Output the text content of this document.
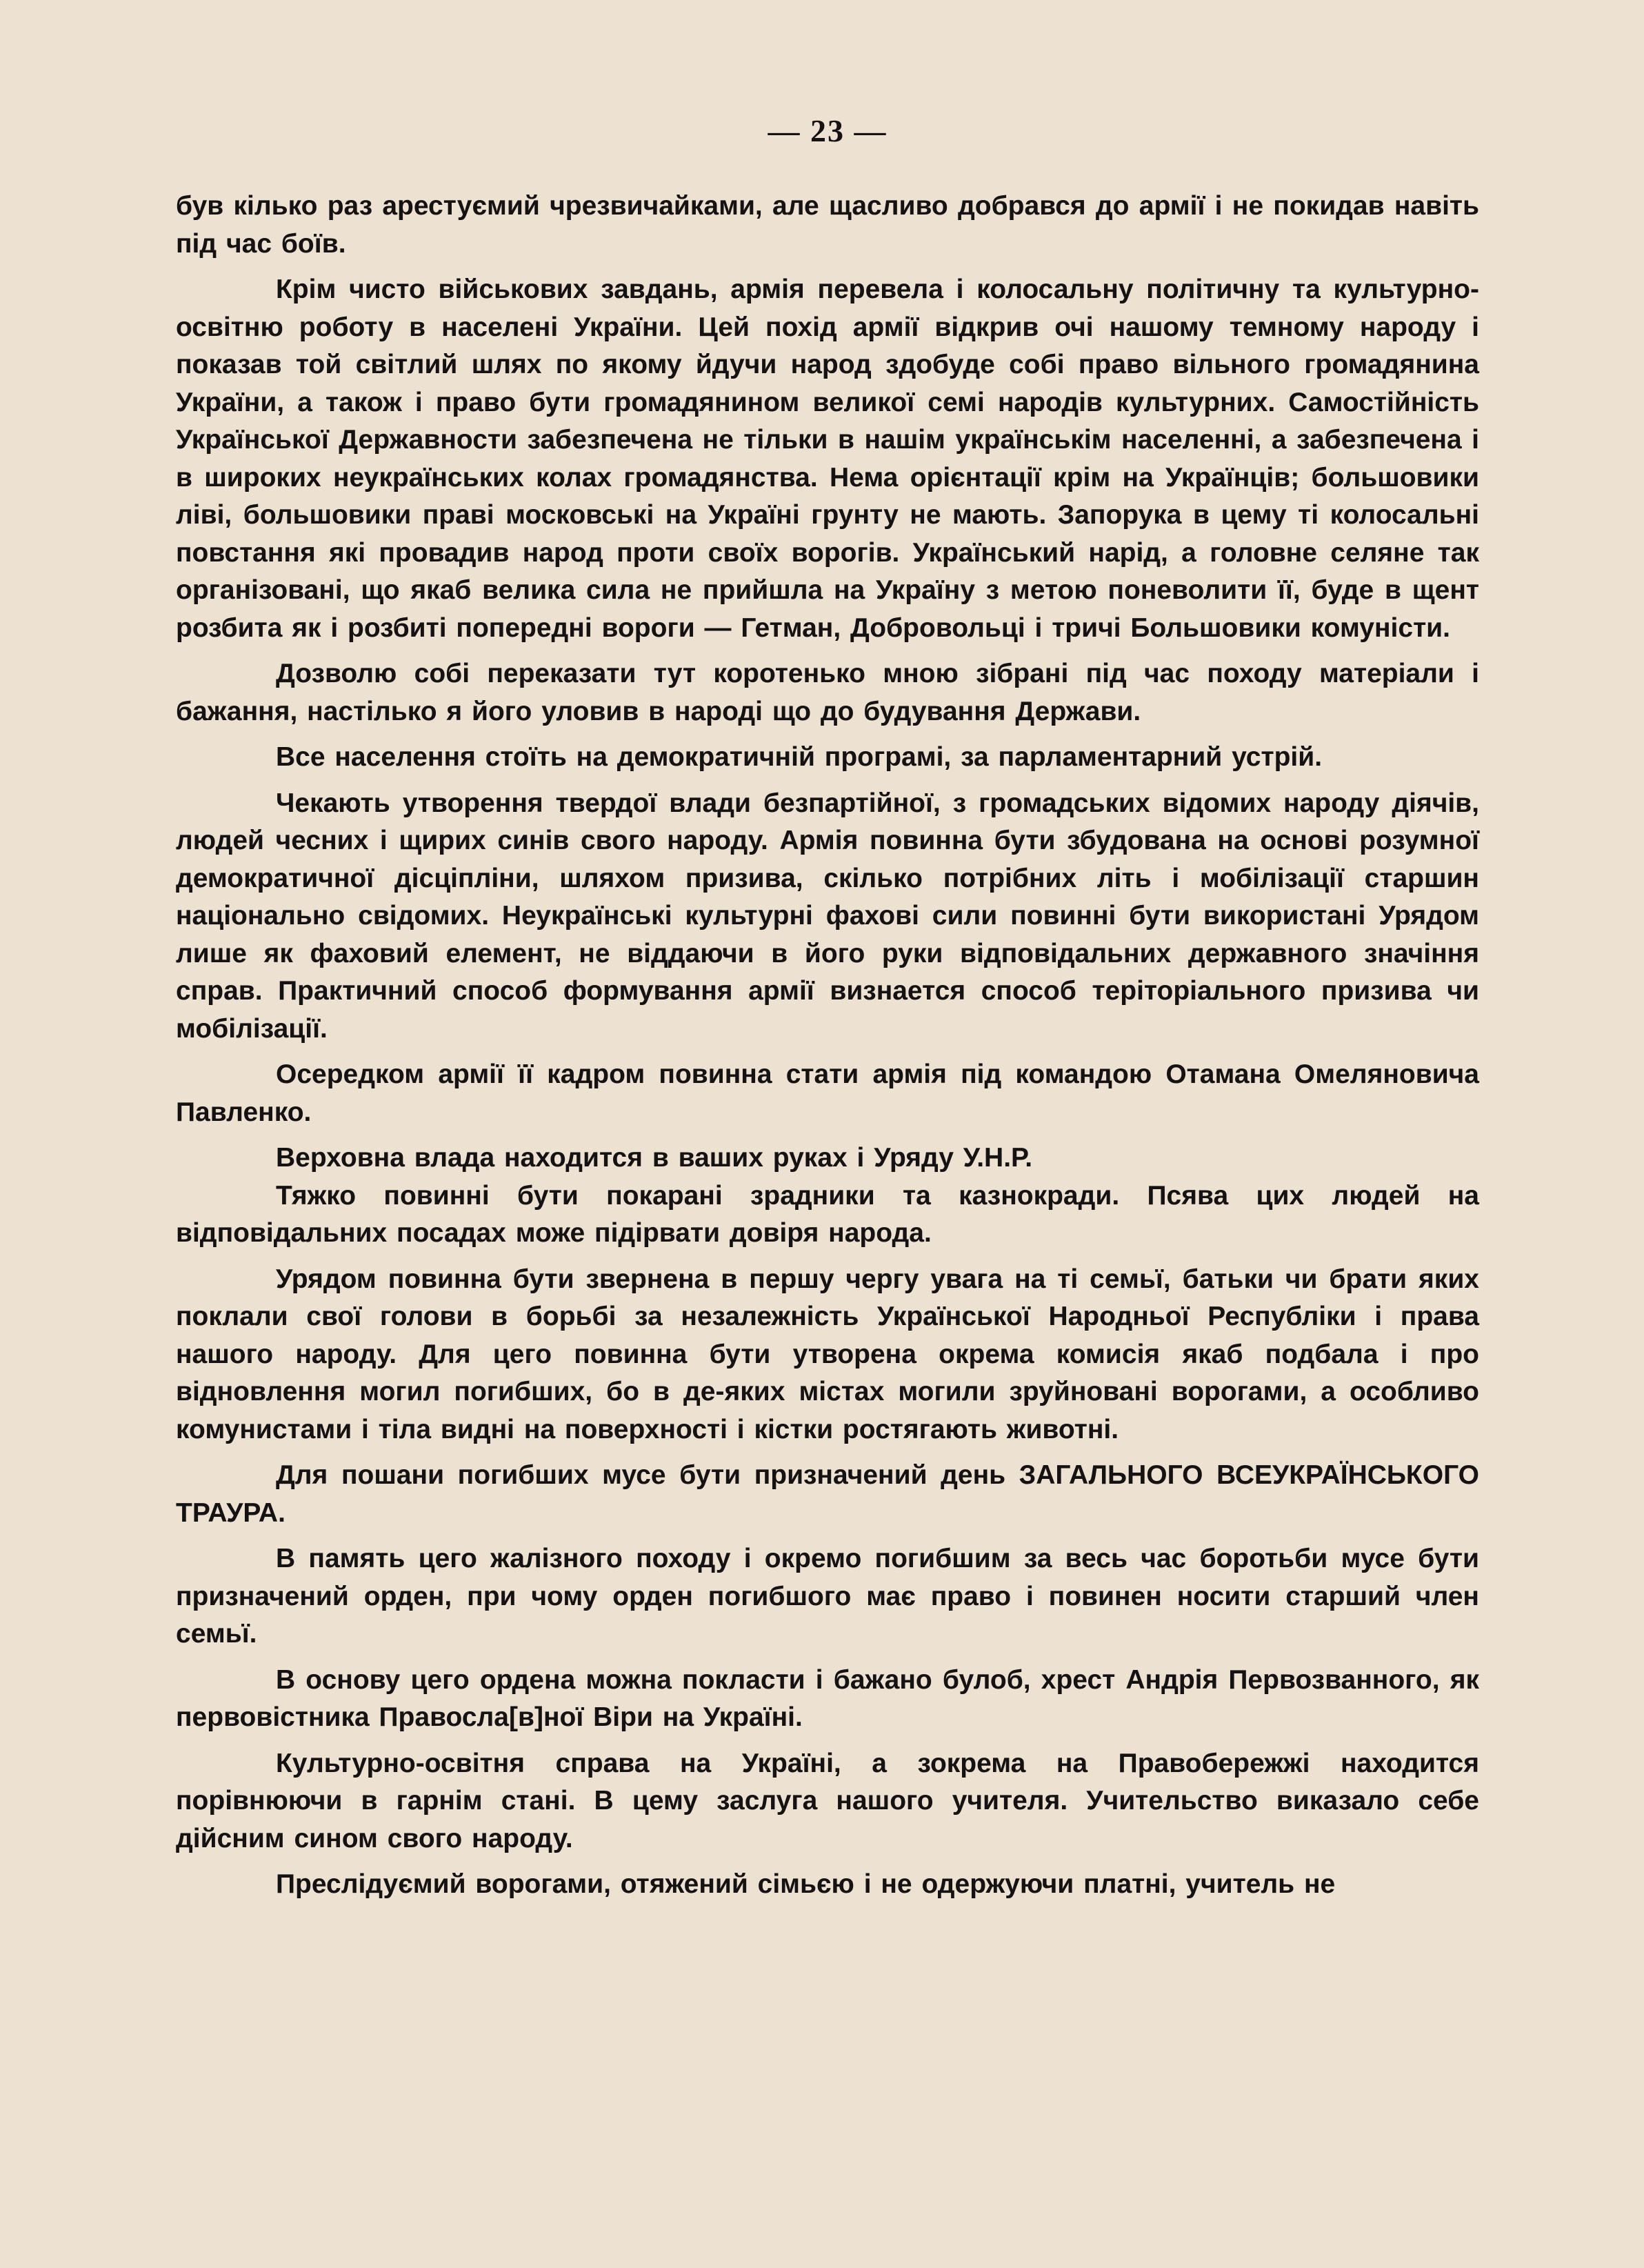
— 23 —

був кілько раз арестуємий чрезвичайками, але щасливо добрався до армії і не покидав навіть під час боїв.

Крім чисто військових завдань, армія перевела і колосальну політичну та культурно-освітню роботу в населені України. Цей похід армії відкрив очі нашому темному народу і показав той світлий шлях по якому йдучи народ здобуде собі право вільного громадянина України, а також і право бути громадянином великої семі народів культурних. Самостійність Української Державности забезпечена не тільки в нашім українськім населенні, а забезпечена і в широких неукраїнських колах громадянства. Нема орієнтації крім на Українців; большовики ліві, большовики праві московські на Україні грунту не мають. Запорука в цему ті колосальні повстання які провадив народ проти своїх ворогів. Український нарід, а головне селяне так організовані, що якаб велика сила не прийшла на Україну з метою поневолити її, буде в щент розбита як і розбиті попередні вороги — Гетман, Добровольці і тричі Большовики комуністи.

Дозволю собі переказати тут коротенько мною зібрані під час походу матеріали і бажання, настілько я його уловив в народі що до будування Держави.

Все населення стоїть на демократичній програмі, за парламентарний устрій.

Чекають утворення твердої влади безпартійної, з громадських відомих народу діячів, людей чесних і щирих синів свого народу. Армія повинна бути збудована на основі розумної демократичної дісціпліни, шляхом призива, скілько потрібних літь і мобілізації старшин національно свідомих. Неукраїнські культурні фахові сили повинні бути використані Урядом лише як фаховий елемент, не віддаючи в його руки відповідальних державного значіння справ. Практичний способ формування армії визнается способ теріторіального призива чи мобілізації.

Осередком армії її кадром повинна стати армія під командою Отамана Омеляновича Павленко.

Верховна влада находится в ваших руках і Уряду У.Н.Р.

Тяжко повинні бути покарані зрадники та казнокради. Псява цих людей на відповідальних посадах може підірвати довіря народа.

Урядом повинна бути звернена в першу чергу увага на ті семьї, батьки чи брати яких поклали свої голови в борьбі за незалежність Української Народньої Республіки і права нашого народу. Для цего повинна бути утворена окрема комисія якаб подбала і про відновлення могил погибших, бо в де-яких містах могили зруйновані ворогами, а особливо комунистами і тіла видні на поверхності і кістки ростягають животні.

Для пошани погибших мусе бути призначений день ЗАГАЛЬНОГО ВСЕУКРАЇНСЬКОГО ТРАУРА.

В память цего жалізного походу і окремо погибшим за весь час боротьби мусе бути призначений орден, при чому орден погибшого має право і повинен носити старший член семьї.

В основу цего ордена можна покласти і бажано булоб, хрест Андрія Первозванного, як первовістника Правосла[в]ної Віри на Україні.

Культурно-освітня справа на Україні, а зокрема на Правобережжі находится порівнюючи в гарнім стані. В цему заслуга нашого учителя. Учительство виказало себе дійсним сином свого народу.

Преслідуємий ворогами, отяжений сімьєю і не одержуючи платні, учитель не
